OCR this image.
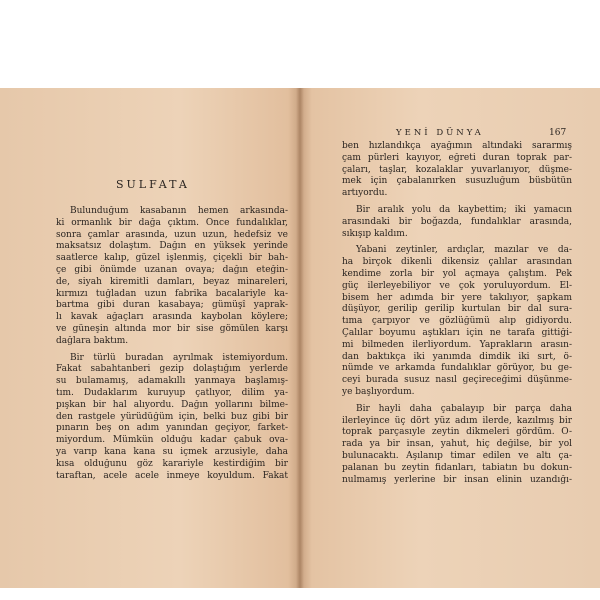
SULFATA
Bulunduğum kasabanın hemen arkasında-
ki ormanlık bir dağa çıktım. Önce fundalıklar,
sonra çamlar arasında, uzun uzun, hedefsiz ve
maksatsız dolaştım. Dağın en yüksek yerinde
saatlerce kalıp, güzel işlenmiş, çiçekli bir bah-
çe gibi önümde uzanan ovaya; dağın eteğin-
de, siyah kiremitli damları, beyaz minareleri,
kırmızı tuğladan uzun fabrika bacalariyle ka-
bartma gibi duran kasabaya; gümüşî yaprak-
lı kavak ağaçları arasında kaybolan köylere;
ve güneşin altında mor bir sise gömülen karşı
dağlara baktım.
Bir türlü buradan ayrılmak istemiyordum.
Fakat sabahtanberi gezip dolaştığım yerlerde
su bulamamış, adamakıllı yanmaya başlamış-
tım. Dudaklarım kuruyup çatlıyor, dilim ya-
pışkan bir hal alıyordu. Dağın yollarını bilme-
den rastgele yürüdüğüm için, belki buz gibi bir
pınarın beş on adım yanından geçiyor, farket-
miyordum. Mümkün olduğu kadar çabuk ova-
ya varıp kana kana su içmek arzusiyle, daha
kısa olduğunu göz karariyle kestirdiğim bir
taraftan, acele acele inmeye koyuldum. Fakat
YENİ DÜNYA	167
ben hızlandıkça ayağımın altındaki sararmış
çam pürleri kayıyor, eğreti duran toprak par-
çaları, taşlar, kozalaklar yuvarlanıyor, düşme-
mek için çabalanırken susuzluğum büsbütün
artıyordu.
Bir aralık yolu da kaybettim; iki yamacın arasındaki bir boğazda, fundalıklar arasında, sıkışıp kaldım.
Yabani zeytinler, ardıçlar, mazılar ve da-
ha birçok dikenli dikensiz çalılar arasından
kendime zorla bir yol açmaya çalıştım. Pek
güç ilerleyebiliyor ve çok yoruluyordum. El-
bisem her adımda bir yere takılıyor, şapkam
düşüyor, gerilip gerilip kurtulan bir dal sura-
tıma çarpıyor ve gözlüğümü alıp gidiyordu.
Çalılar boyumu aştıkları için ne tarafa gittiği-
mi bilmeden ilerliyordum. Yaprakların arasın-
dan baktıkça iki yanımda dimdik iki sırt, ö-
nümde ve arkamda fundalıklar görüyor, bu ge-
ceyi burada susuz nasıl geçireceğimi düşünme-
ye başlıyordum.
Bir hayli daha çabalayıp bir parça daha
ilerleyince üç dört yüz adım ilerde, kazılmış bir
toprak parçasıyle zeytin dikmeleri gördüm. O-
rada ya bir insan, yahut, hiç değilse, bir yol
bulunacaktı. Aşılanıp timar edilen ve altı ça-
palanan bu zeytin fidanları, tabiatın bu dokun-
nulmamış yerlerine bir insan elinin uzandığı-
